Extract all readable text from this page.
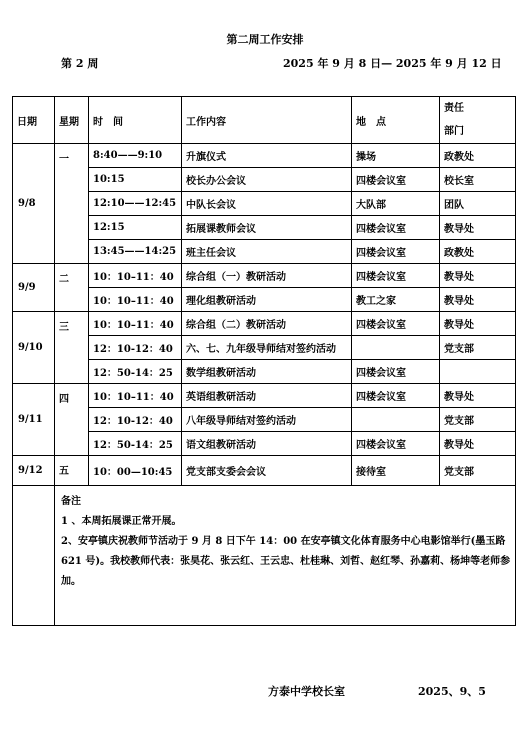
第二周工作安排
第 2 周	2025 年 9 月 8 日— 2025 年 9 月 12 日
日期	星期	时　间	工作内容	地　点	责任
部门

9/8	一	8:40——9:10	升旗仪式	操场	政教处
		10:15	校长办公会议	四楼会议室	校长室
		12:10——12:45	中队长会议	大队部	团队
		12:15	拓展课教师会议	四楼会议室	教导处
		13:45——14:25	班主任会议	四楼会议室	政教处
9/9	二	10：10–11：40	综合组（一）教研活动	四楼会议室	教导处
		10：10–11：40	理化组教研活动	教工之家	教导处
9/10	三	10：10–11：40	综合组（二）教研活动	四楼会议室	教导处
		12：10-12：40	六、七、九年级导师结对签约活动		党支部
		12：50-14：25	数学组教研活动	四楼会议室	
9/11	四	10：10–11：40	英语组教研活动	四楼会议室	教导处
		12：10-12：40	八年级导师结对签约活动		党支部
		12：50-14：25	语文组教研活动	四楼会议室	教导处
9/12	五	10：00—10:45	党支部支委会会议	接待室	党支部

	备注
1 、本周拓展课正常开展。
2、安亭镇庆祝教师节活动于 9 月 8 日下午 14：00 在安亭镇文化体育服务中心电影馆举行(墨玉路 621 号)。我校教师代表：张昊花、张云红、王云忠、杜桂琳、刘哲、赵红琴、孙嘉莉、杨坤等老师参加。				
方泰中学校长室	2025、9、5
